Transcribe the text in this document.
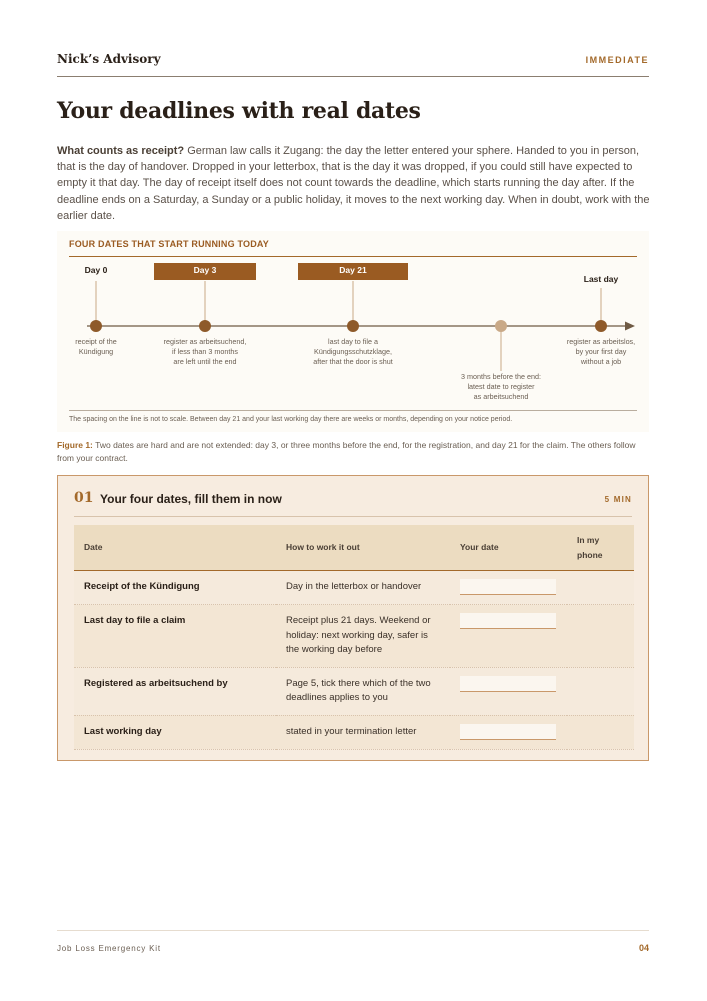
Nick’s Advisory	IMMEDIATE
Your deadlines with real dates

What counts as receipt? German law calls it Zugang: the day the letter entered your sphere. Handed to you in person, that is the day of handover. Dropped in your letterbox, that is the day it was dropped, if you could still have expected to empty it that day. The day of receipt itself does not count towards the deadline, which starts running the day after. If the deadline ends on a Saturday, a Sunday or a public holiday, it moves to the next working day. When in doubt, work with the earlier date.

FOUR DATES THAT START RUNNING TODAY
Day 0
receipt of the
Kündigung
Day 3
register as arbeitsuchend,
if less than 3 months
are left until the end
Day 21
last day to file a
Kündigungsschutzklage,
after that the door is shut
3 months before the end:
latest date to register
as arbeitsuchend
Last day
register as arbeitslos,
by your first day
without a job
The spacing on the line is not to scale. Between day 21 and your last working day there are weeks or months, depending on your notice period.

Figure 1: Two dates are hard and are not extended: day 3, or three months before the end, for the registration, and day 21 for the claim. The others follow from your contract.

01 Your four dates, fill them in now	5 MIN
Date	How to work it out	Your date	In my phone

Receipt of the Kündigung	Day in the letterbox or handover	

Last day to file a claim	Receipt plus 21 days. Weekend or holiday: next working day, safer is the working day before	

Registered as arbeitsuchend by	Page 5, tick there which of the two deadlines applies to you	

Last working day	stated in your termination letter	

Job Loss Emergency Kit	04
